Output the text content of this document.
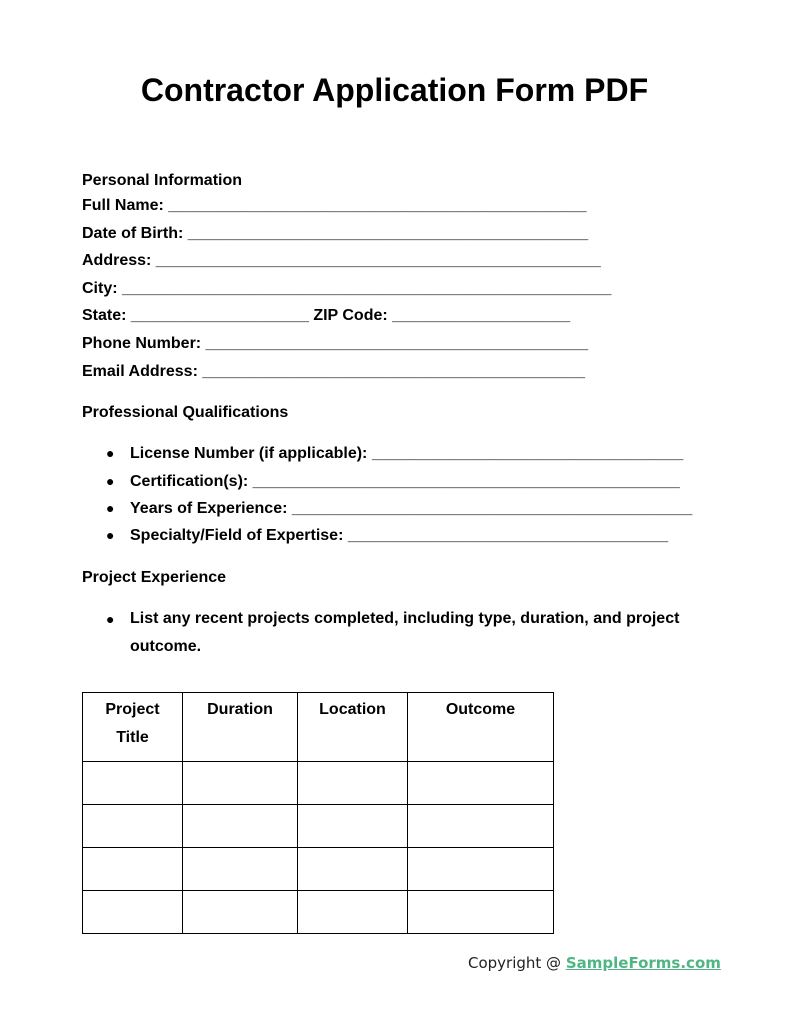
Contractor Application Form PDF

Personal Information

Full Name: _______________________________________________
Date of Birth: _____________________________________________
Address: __________________________________________________
City: _______________________________________________________
State: ____________________ ZIP Code: ____________________
Phone Number: ___________________________________________
Email Address: ___________________________________________

Professional Qualifications

● License Number (if applicable): ___________________________________
● Certification(s): ________________________________________________
● Years of Experience: _____________________________________________
● Specialty/Field of Expertise: ____________________________________

Project Experience

● List any recent projects completed, including type, duration, and project outcome.
Project Title	Duration	Location	Outcome

Copyright @ SampleForms.com
